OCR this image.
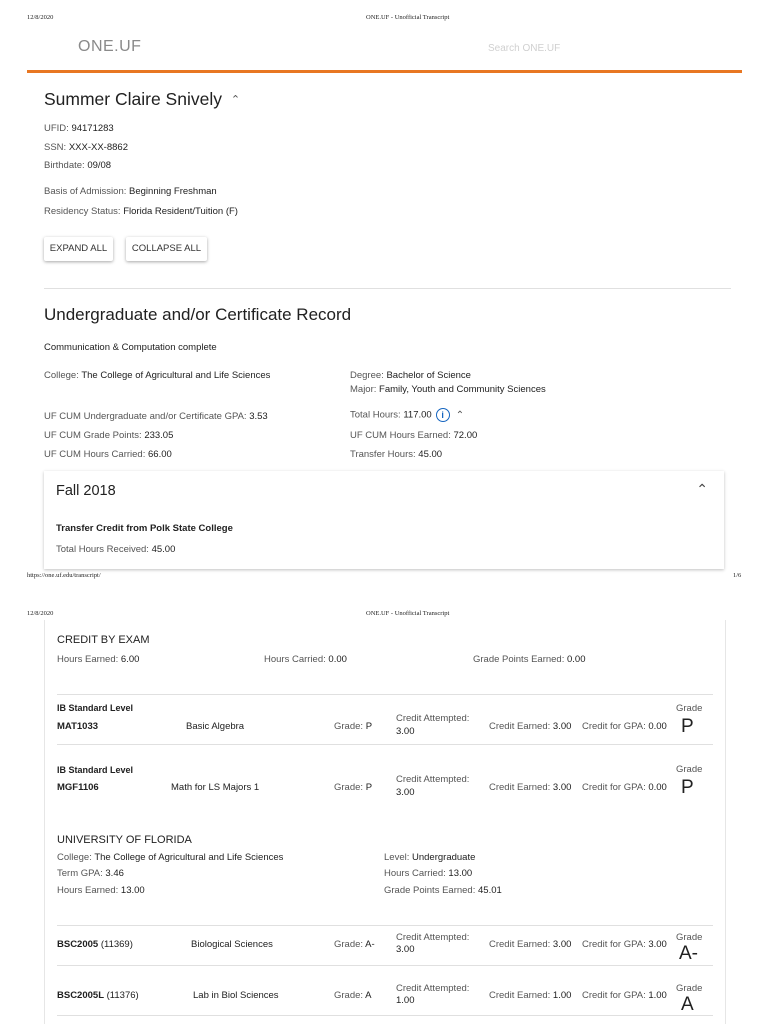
12/8/2020	ONE.UF - Unofficial Transcript
ONE.UF	Search ONE.UF
Summer Claire Snively ⌃
UFID: 94171283
SSN: XXX-XX-8862
Birthdate: 09/08
Basis of Admission: Beginning Freshman
Residency Status: Florida Resident/Tuition (F)
EXPAND ALL	COLLAPSE ALL
Undergraduate and/or Certificate Record
Communication & Computation complete
College: The College of Agricultural and Life Sciences	Degree: Bachelor of Science
Major: Family, Youth and Community Sciences
UF CUM Undergraduate and/or Certificate GPA: 3.53	Total Hours: 117.00 i ⌃
UF CUM Grade Points: 233.05	UF CUM Hours Earned: 72.00
UF CUM Hours Carried: 66.00	Transfer Hours: 45.00
Fall 2018	⌃
Transfer Credit from Polk State College
Total Hours Received: 45.00
https://one.uf.edu/transcript/	1/6
12/8/2020	ONE.UF - Unofficial Transcript
CREDIT BY EXAM
Hours Earned: 6.00	Hours Carried: 0.00	Grade Points Earned: 0.00
IB Standard Level
MAT1033	Basic Algebra	Grade: P
Credit Attempted:
3.00	Credit Earned: 3.00 Credit for GPA: 0.00
Grade
P
IB Standard Level
MGF1106	Math for LS Majors 1	Grade: P
Credit Attempted:
3.00	Credit Earned: 3.00 Credit for GPA: 0.00
Grade
P
UNIVERSITY OF FLORIDA
College: The College of Agricultural and Life Sciences	Level: Undergraduate
Term GPA: 3.46	Hours Carried: 13.00
Hours Earned: 13.00	Grade Points Earned: 45.01
BSC2005 (11369)	Biological Sciences	Grade: A-
Credit Attempted:
3.00	Credit Earned: 3.00 Credit for GPA: 3.00
Grade
A-
BSC2005L (11376)	Lab in Biol Sciences	Grade: A
Credit Attempted:
1.00	Credit Earned: 1.00 Credit for GPA: 1.00
Grade
A
